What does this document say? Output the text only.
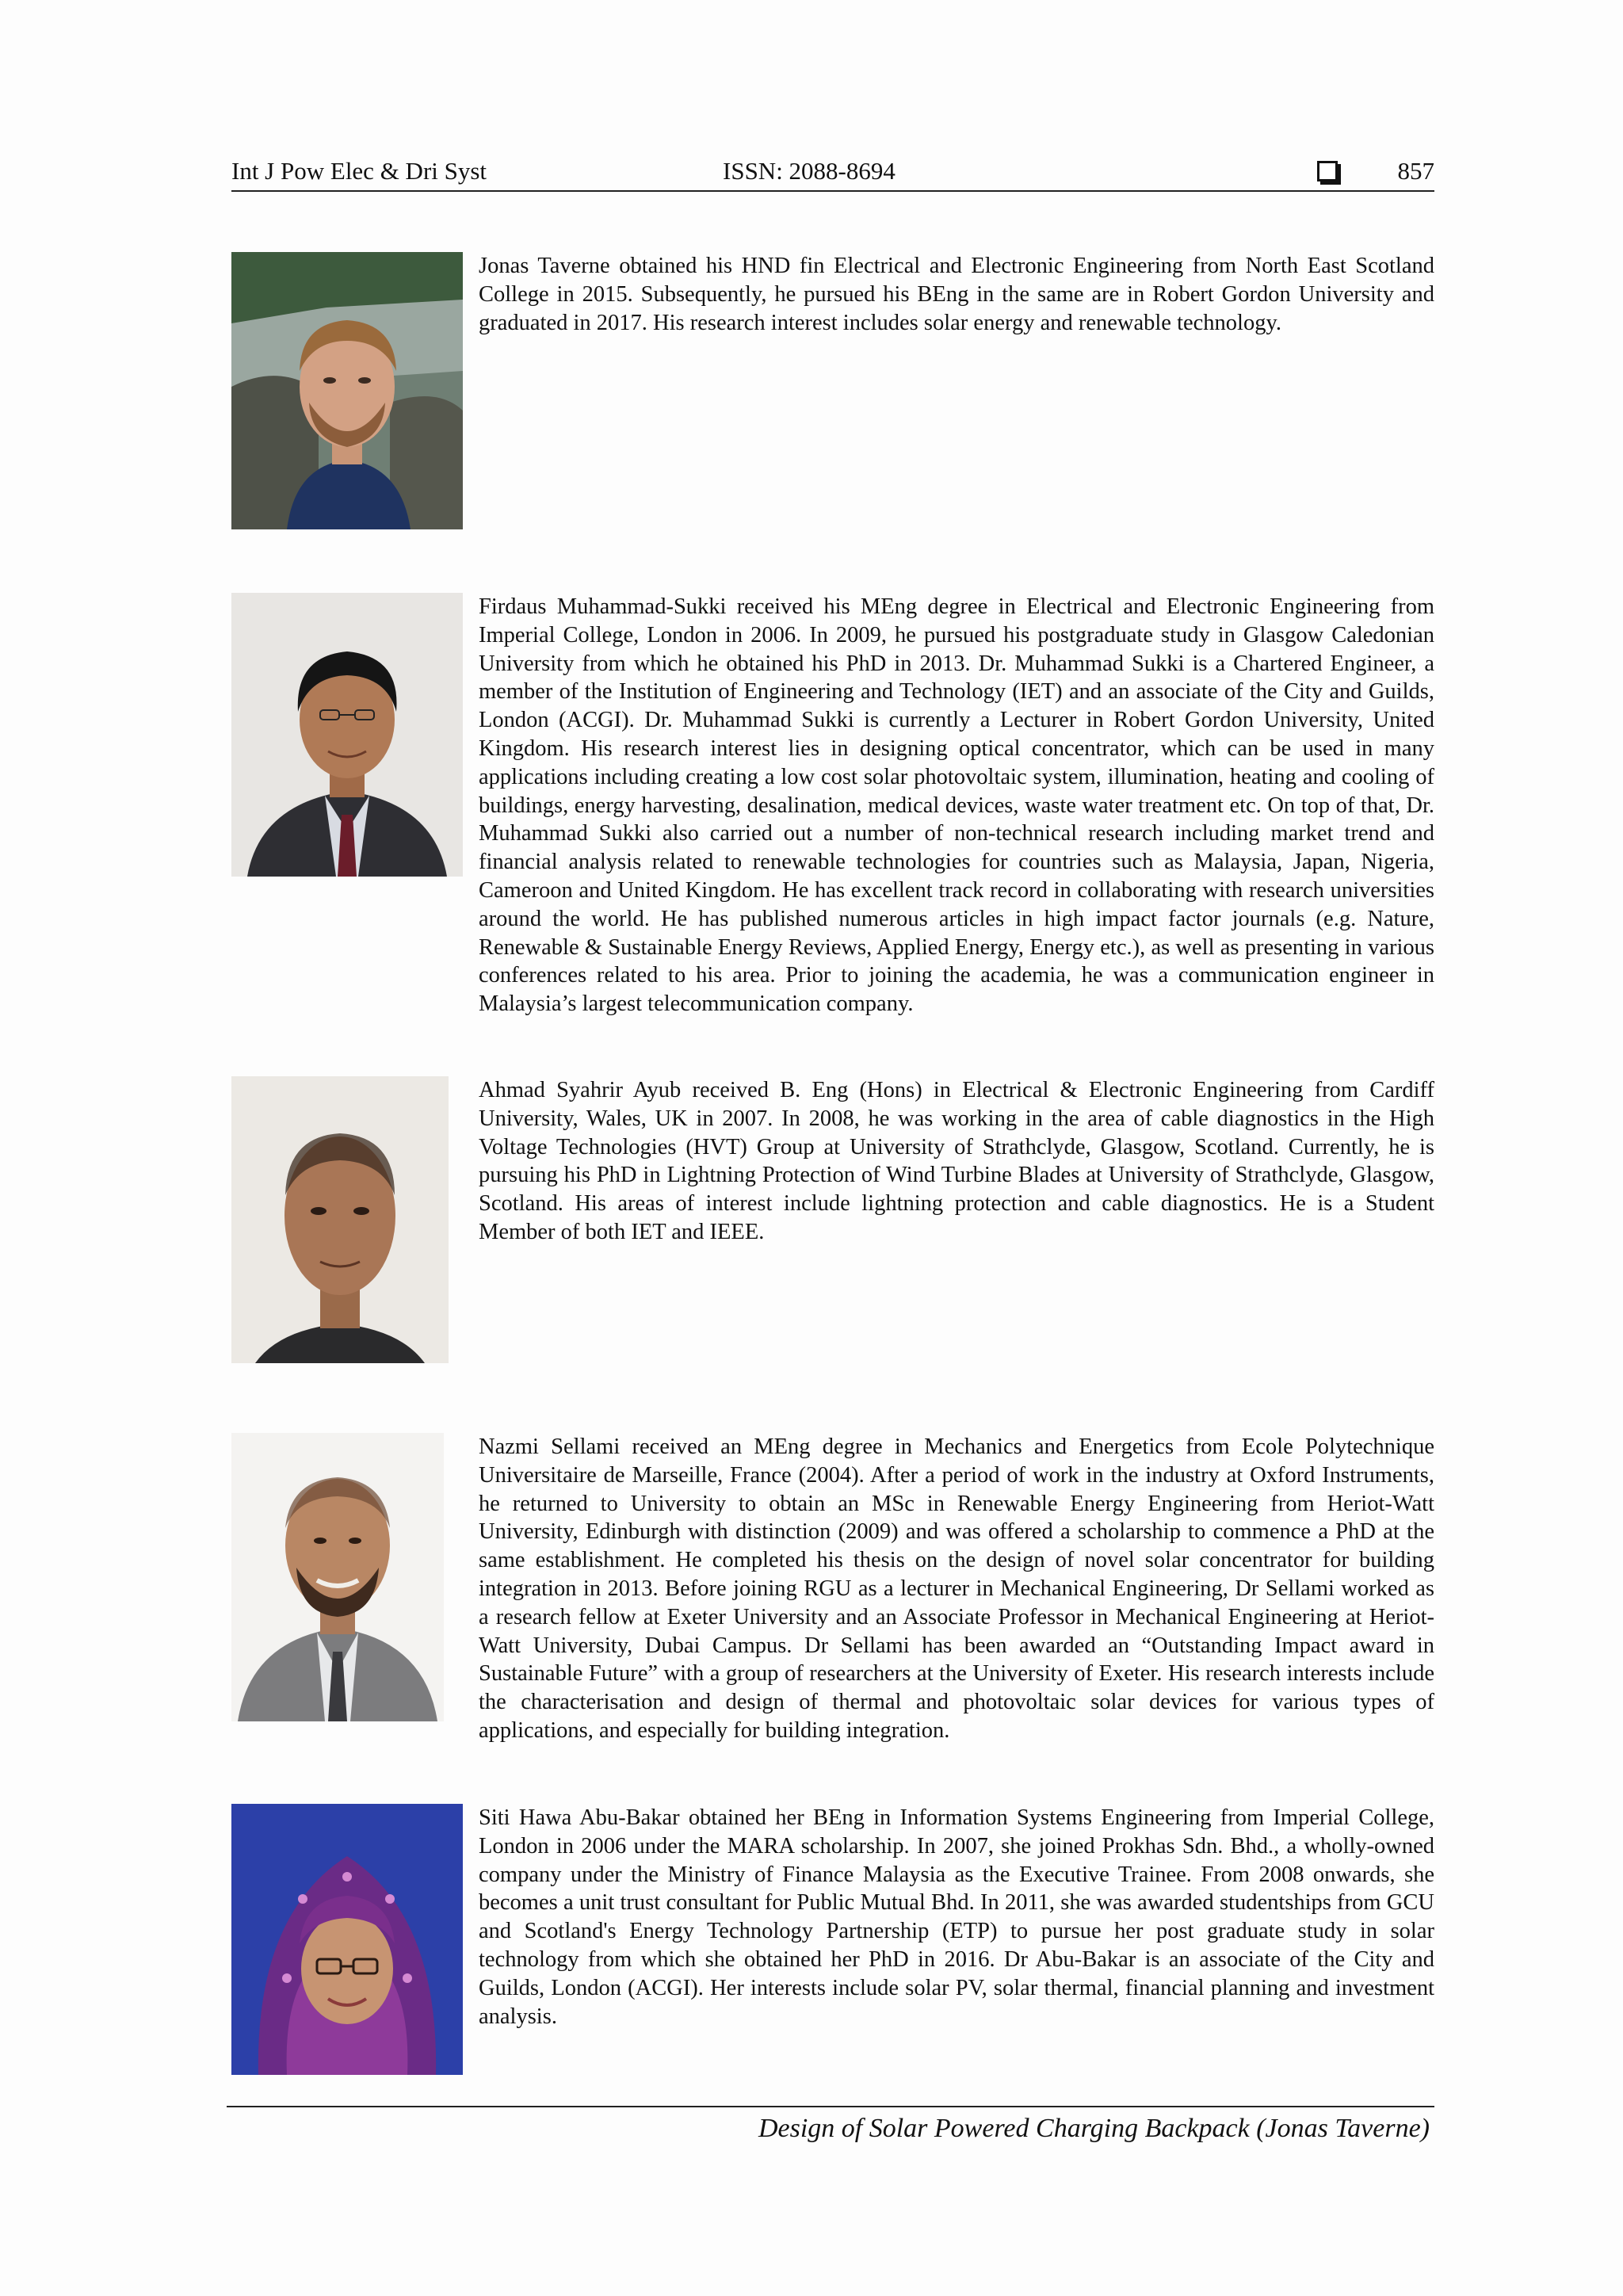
Int J Pow Elec & Dri Syst	ISSN: 2088-8694	857

Jonas Taverne obtained his HND fin Electrical and Electronic Engineering from North East Scotland College in 2015. Subsequently, he pursued his BEng in the same are in Robert Gordon University and graduated in 2017. His research interest includes solar energy and renewable technology.

Firdaus Muhammad-Sukki received his MEng degree in Electrical and Electronic Engineering from Imperial College, London in 2006. In 2009, he pursued his postgraduate study in Glasgow Caledonian University from which he obtained his PhD in 2013. Dr. Muhammad Sukki is a Chartered Engineer, a member of the Institution of Engineering and Technology (IET) and an associate of the City and Guilds, London (ACGI). Dr. Muhammad Sukki is currently a Lecturer in Robert Gordon University, United Kingdom. His research interest lies in designing optical concentrator, which can be used in many applications including creating a low cost solar photovoltaic system, illumination, heating and cooling of buildings, energy harvesting, desalination, medical devices, waste water treatment etc. On top of that, Dr. Muhammad Sukki also carried out a number of non-technical research including market trend and financial analysis related to renewable technologies for countries such as Malaysia, Japan, Nigeria, Cameroon and United Kingdom. He has excellent track record in collaborating with research universities around the world. He has published numerous articles in high impact factor journals (e.g. Nature, Renewable & Sustainable Energy Reviews, Applied Energy, Energy etc.), as well as presenting in various conferences related to his area. Prior to joining the academia, he was a communication engineer in Malaysia’s largest telecommunication company.

Ahmad Syahrir Ayub received B. Eng (Hons) in Electrical & Electronic Engineering from Cardiff University, Wales, UK in 2007. In 2008, he was working in the area of cable diagnostics in the High Voltage Technologies (HVT) Group at University of Strathclyde, Glasgow, Scotland. Currently, he is pursuing his PhD in Lightning Protection of Wind Turbine Blades at University of Strathclyde, Glasgow, Scotland. His areas of interest include lightning protection and cable diagnostics. He is a Student Member of both IET and IEEE.

Nazmi Sellami received an MEng degree in Mechanics and Energetics from Ecole Polytechnique Universitaire de Marseille, France (2004). After a period of work in the industry at Oxford Instruments, he returned to University to obtain an MSc in Renewable Energy Engineering from Heriot-Watt University, Edinburgh with distinction (2009) and was offered a scholarship to commence a PhD at the same establishment. He completed his thesis on the design of novel solar concentrator for building integration in 2013. Before joining RGU as a lecturer in Mechanical Engineering, Dr Sellami worked as a research fellow at Exeter University and an Associate Professor in Mechanical Engineering at Heriot-Watt University, Dubai Campus. Dr Sellami has been awarded an “Outstanding Impact award in Sustainable Future” with a group of researchers at the University of Exeter. His research interests include the characterisation and design of thermal and photovoltaic solar devices for various types of applications, and especially for building integration.

Siti Hawa Abu-Bakar obtained her BEng in Information Systems Engineering from Imperial College, London in 2006 under the MARA scholarship. In 2007, she joined Prokhas Sdn. Bhd., a wholly-owned company under the Ministry of Finance Malaysia as the Executive Trainee. From 2008 onwards, she becomes a unit trust consultant for Public Mutual Bhd. In 2011, she was awarded studentships from GCU and Scotland's Energy Technology Partnership (ETP) to pursue her post graduate study in solar technology from which she obtained her PhD in 2016. Dr Abu-Bakar is an associate of the City and Guilds, London (ACGI). Her interests include solar PV, solar thermal, financial planning and investment analysis.

Design of Solar Powered Charging Backpack (Jonas Taverne)
